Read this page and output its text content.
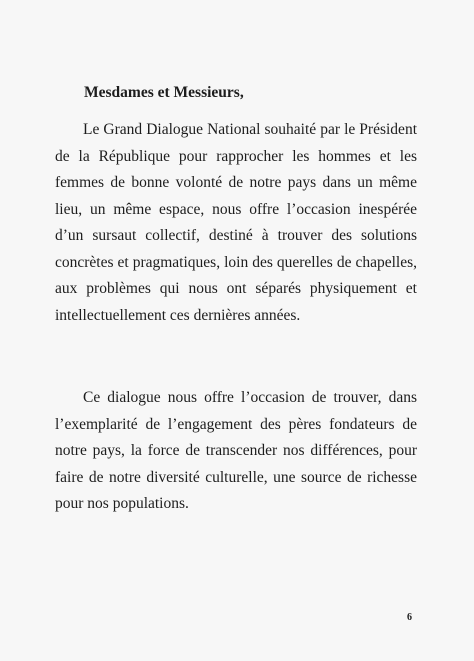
Mesdames et Messieurs,

Le Grand Dialogue National souhaité par le Président de la République pour rapprocher les hommes et les femmes de bonne volonté de notre pays dans un même lieu, un même espace, nous offre l’occasion inespérée d’un sursaut collectif, destiné à trouver des solutions concrètes et pragmatiques, loin des querelles de chapelles, aux problèmes qui nous ont séparés physiquement et intellectuellement ces dernières années.

Ce dialogue nous offre l’occasion de trouver, dans l’exemplarité de l’engagement des pères fondateurs de notre pays, la force de transcender nos différences, pour faire de notre diversité culturelle, une source de richesse pour nos populations.

6
